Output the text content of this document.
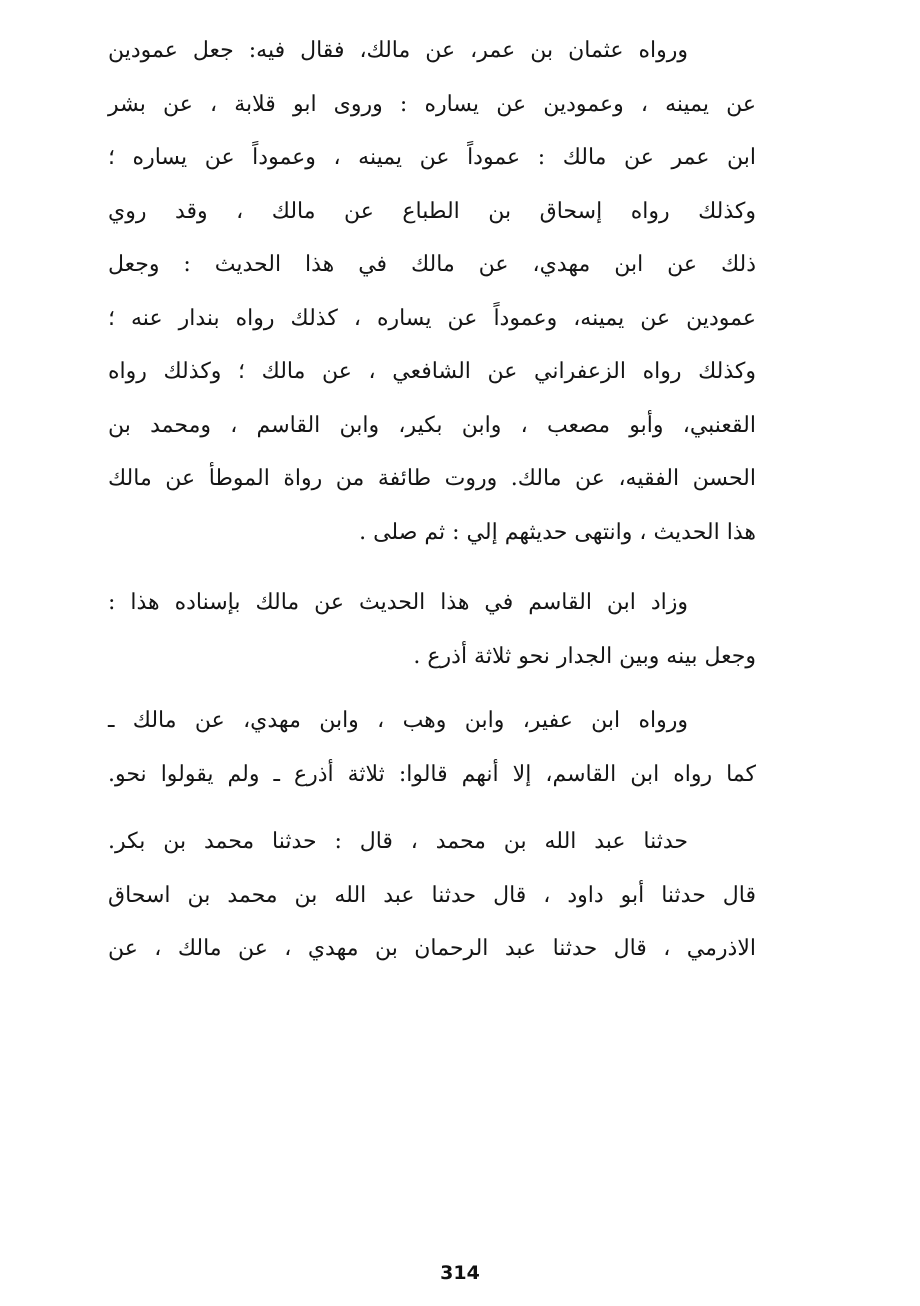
ورواه عثمان بن عمر، عن مالك، فقال فيه: جعل عمودين
عن يمينه ، وعمودين عن يساره : وروى ابو قلابة ، عن بشر
ابن عمر عن مالك : عموداً عن يمينه ، وعموداً عن يساره ؛
وكذلك رواه إسحاق بن الطباع عن مالك ، وقد روي
ذلك عن ابن مهدي، عن مالك في هذا الحديث : وجعل
عمودين عن يمينه، وعموداً عن يساره ، كذلك رواه بندار عنه ؛
وكذلك رواه الزعفراني عن الشافعي ، عن مالك ؛ وكذلك رواه
القعنبي، وأبو مصعب ، وابن بكير، وابن القاسم ، ومحمد بن
الحسن الفقيه، عن مالك. وروت طائفة من رواة الموطأ عن مالك
هذا الحديث ، وانتهى حديثهم إلي : ثم صلى .
وزاد ابن القاسم في هذا الحديث عن مالك بإسناده هذا :
وجعل بينه وبين الجدار نحو ثلاثة أذرع .
ورواه ابن عفير، وابن وهب ، وابن مهدي، عن مالك ـ
كما رواه ابن القاسم، إلا أنهم قالوا: ثلاثة أذرع ـ ولم يقولوا نحو.
حدثنا عبد الله بن محمد ، قال : حدثنا محمد بن بكر.
قال حدثنا أبو داود ، قال حدثنا عبد الله بن محمد بن اسحاق
الاذرمي ، قال حدثنا عبد الرحمان بن مهدي ، عن مالك ، عن
314
